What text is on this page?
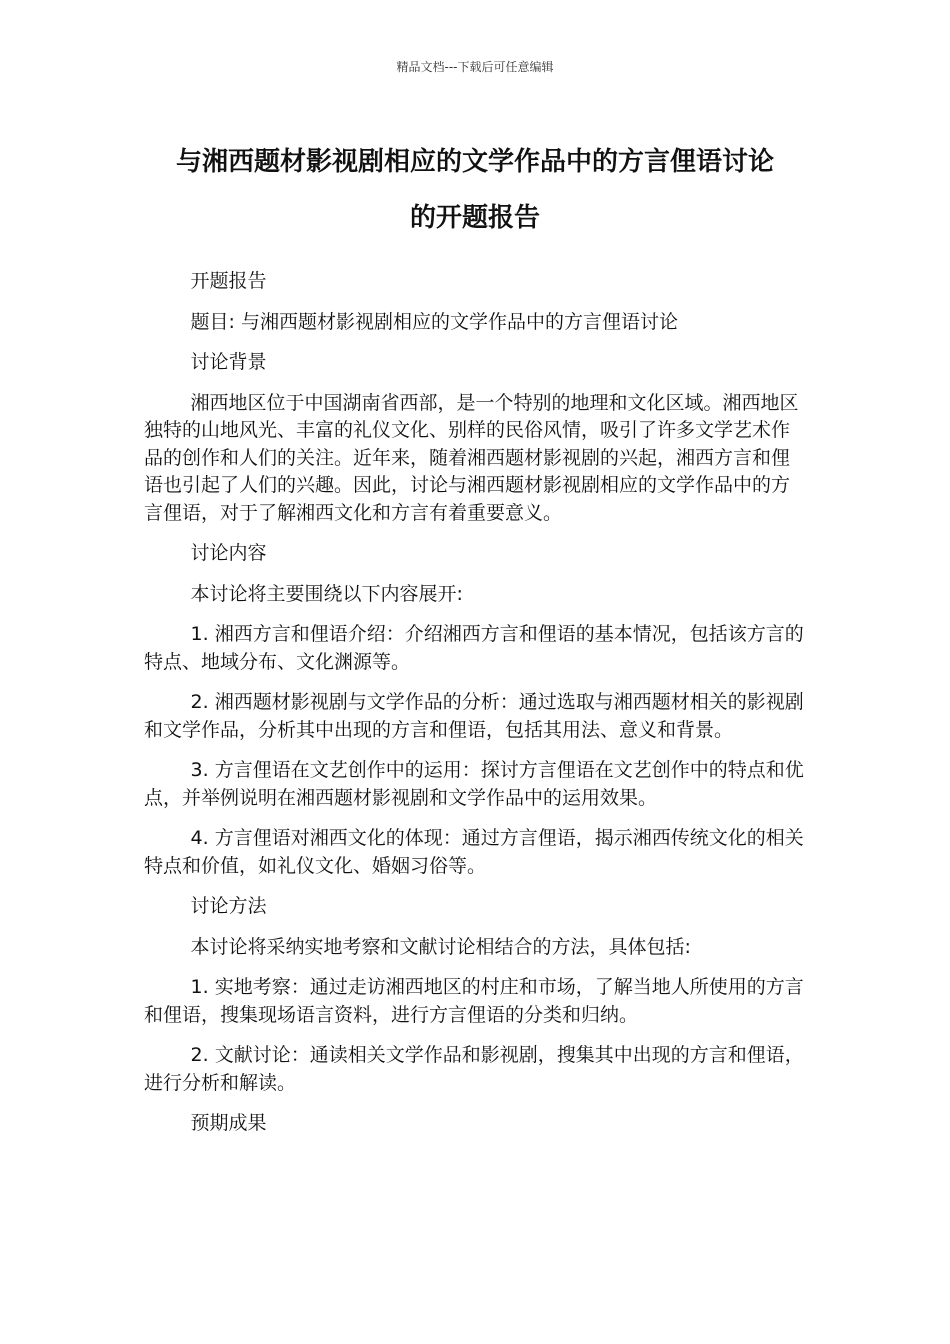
精品文档---下载后可任意编辑
与湘西题材影视剧相应的文学作品中的方言俚语讨论
的开题报告

开题报告

题目: 与湘西题材影视剧相应的文学作品中的方言俚语讨论

讨论背景

湘西地区位于中国湖南省西部，是一个特别的地理和文化区域。湘西地区独特的山地风光、丰富的礼仪文化、别样的民俗风情，吸引了许多文学艺术作品的创作和人们的关注。近年来，随着湘西题材影视剧的兴起，湘西方言和俚语也引起了人们的兴趣。因此，讨论与湘西题材影视剧相应的文学作品中的方言俚语，对于了解湘西文化和方言有着重要意义。

讨论内容

本讨论将主要围绕以下内容展开:

1. 湘西方言和俚语介绍：介绍湘西方言和俚语的基本情况，包括该方言的特点、地域分布、文化渊源等。

2. 湘西题材影视剧与文学作品的分析：通过选取与湘西题材相关的影视剧和文学作品，分析其中出现的方言和俚语，包括其用法、意义和背景。

3. 方言俚语在文艺创作中的运用：探讨方言俚语在文艺创作中的特点和优点，并举例说明在湘西题材影视剧和文学作品中的运用效果。

4. 方言俚语对湘西文化的体现：通过方言俚语，揭示湘西传统文化的相关特点和价值，如礼仪文化、婚姻习俗等。

讨论方法

本讨论将采纳实地考察和文献讨论相结合的方法，具体包括:

1. 实地考察：通过走访湘西地区的村庄和市场，了解当地人所使用的方言和俚语，搜集现场语言资料，进行方言俚语的分类和归纳。

2. 文献讨论：通读相关文学作品和影视剧，搜集其中出现的方言和俚语，进行分析和解读。

预期成果
